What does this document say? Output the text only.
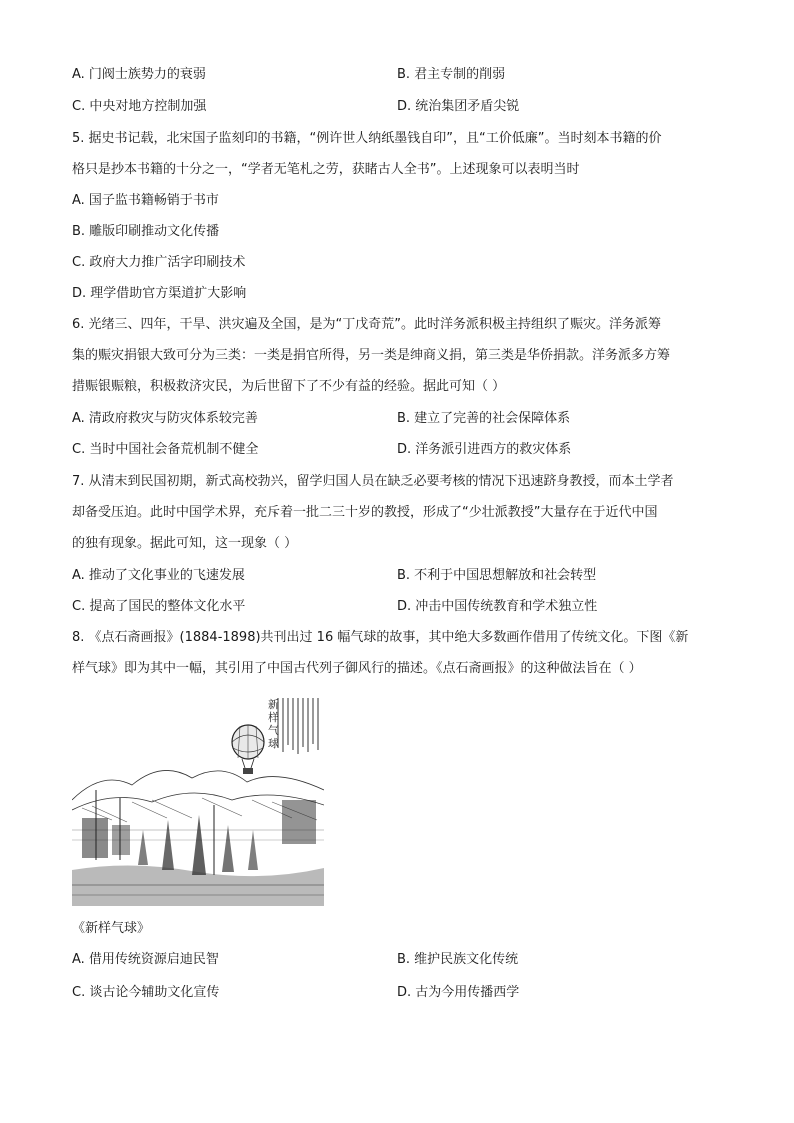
A. 门阀士族势力的衰弱	B. 君主专制的削弱
C. 中央对地方控制加强	D. 统治集团矛盾尖锐
5. 据史书记载，北宋国子监刻印的书籍，“例许世人纳纸墨钱自印”，且“工价低廉”。当时刻本书籍的价
格只是抄本书籍的十分之一，“学者无笔札之劳，获睹古人全书”。上述现象可以表明当时
A. 国子监书籍畅销于书市
B. 雕版印刷推动文化传播
C. 政府大力推广活字印刷技术
D. 理学借助官方渠道扩大影响
6. 光绪三、四年，干旱、洪灾遍及全国，是为“丁戊奇荒”。此时洋务派积极主持组织了赈灾。洋务派筹
集的赈灾捐银大致可分为三类：一类是捐官所得，另一类是绅商义捐，第三类是华侨捐款。洋务派多方筹
措赈银赈粮，积极救济灾民，为后世留下了不少有益的经验。据此可知（ ）
A. 清政府救灾与防灾体系较完善	B. 建立了完善的社会保障体系
C. 当时中国社会备荒机制不健全	D. 洋务派引进西方的救灾体系
7. 从清末到民国初期，新式高校勃兴，留学归国人员在缺乏必要考核的情况下迅速跻身教授，而本土学者
却备受压迫。此时中国学术界，充斥着一批二三十岁的教授，形成了“少壮派教授”大量存在于近代中国
的独有现象。据此可知，这一现象（ ）
A. 推动了文化事业的飞速发展	B. 不利于中国思想解放和社会转型
C. 提高了国民的整体文化水平	D. 冲击中国传统教育和学术独立性
8. 《点石斋画报》(1884-1898)共刊出过 16 幅气球的故事，其中绝大多数画作借用了传统文化。下图《新
样气球》即为其中一幅，其引用了中国古代列子御风行的描述。《点石斋画报》的这种做法旨在（ ）
新样气球
《新样气球》
A. 借用传统资源启迪民智	B. 维护民族文化传统
C. 谈古论今辅助文化宣传	D. 古为今用传播西学
